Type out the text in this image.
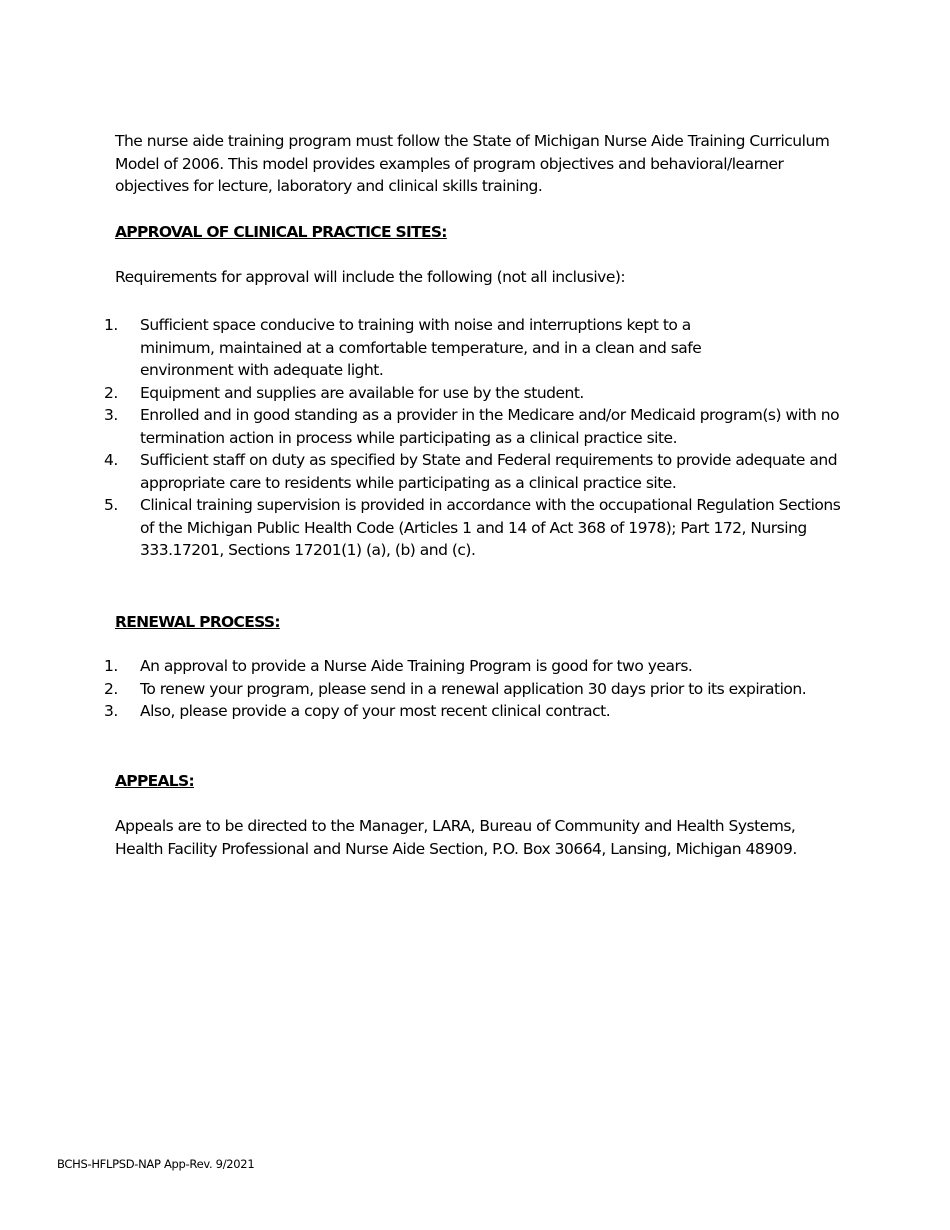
The nurse aide training program must follow the State of Michigan Nurse Aide Training Curriculum Model of 2006. This model provides examples of program objectives and behavioral/learner objectives for lecture, laboratory and clinical skills training.

APPROVAL OF CLINICAL PRACTICE SITES:

Requirements for approval will include the following (not all inclusive):

1. Sufficient space conducive to training with noise and interruptions kept to a minimum, maintained at a comfortable temperature, and in a clean and safe environment with adequate light.
2. Equipment and supplies are available for use by the student.
3. Enrolled and in good standing as a provider in the Medicare and/or Medicaid program(s) with no termination action in process while participating as a clinical practice site.
4. Sufficient staff on duty as specified by State and Federal requirements to provide adequate and appropriate care to residents while participating as a clinical practice site.
5. Clinical training supervision is provided in accordance with the occupational Regulation Sections of the Michigan Public Health Code (Articles 1 and 14 of Act 368 of 1978); Part 172, Nursing 333.17201, Sections 17201(1) (a), (b) and (c).
RENEWAL PROCESS:
1. An approval to provide a Nurse Aide Training Program is good for two years.
2. To renew your program, please send in a renewal application 30 days prior to its expiration.
3. Also, please provide a copy of your most recent clinical contract.
APPEALS:

Appeals are to be directed to the Manager, LARA, Bureau of Community and Health Systems, Health Facility Professional and Nurse Aide Section, P.O. Box 30664, Lansing, Michigan 48909.

BCHS-HFLPSD-NAP App-Rev. 9/2021
